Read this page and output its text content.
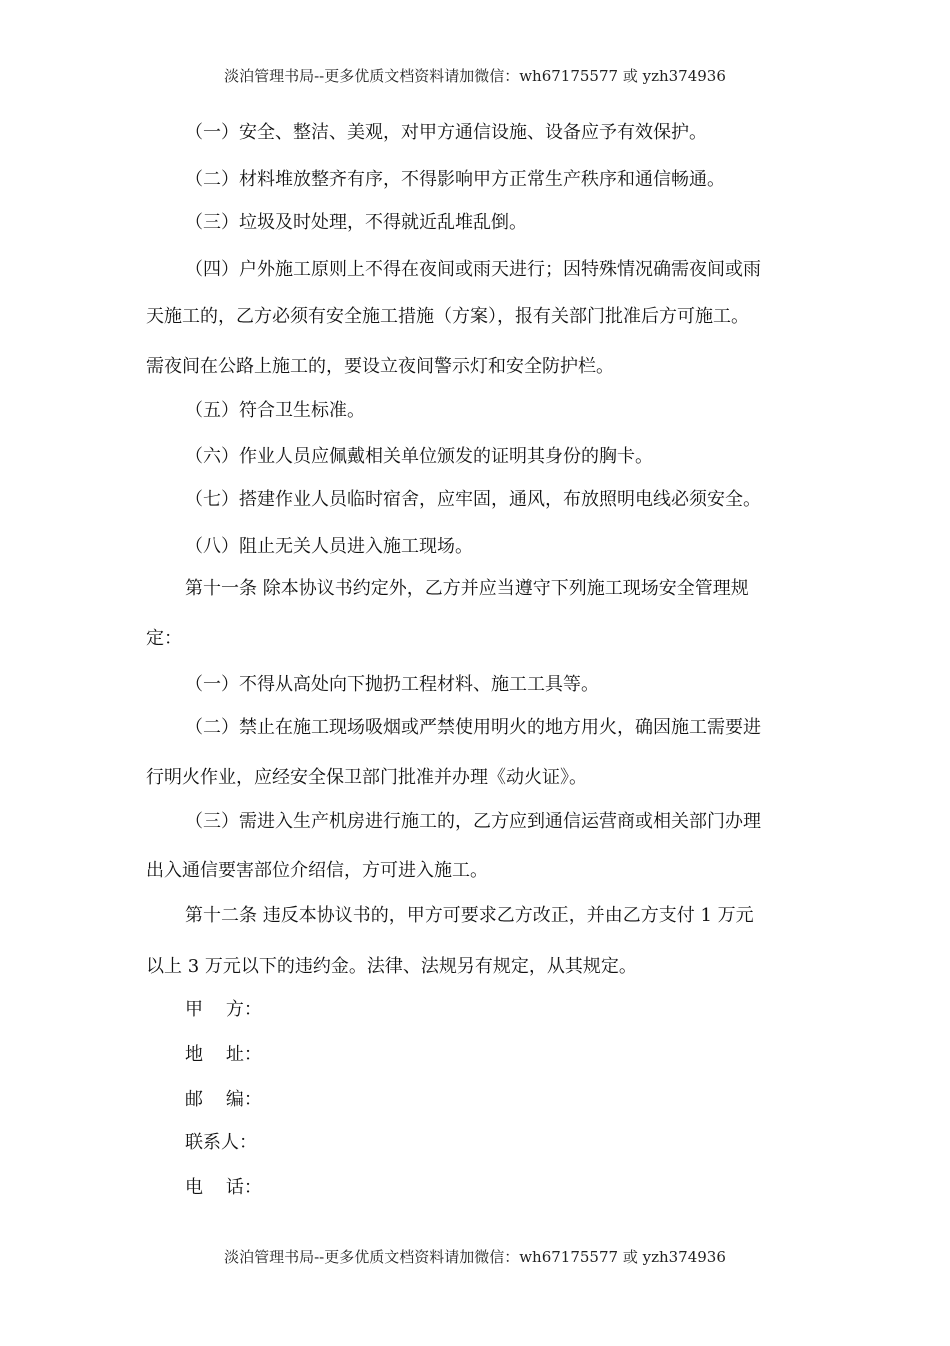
淡泊管理书局--更多优质文档资料请加微信：wh67175577 或 yzh374936
（一）安全、整洁、美观，对甲方通信设施、设备应予有效保护。
（二）材料堆放整齐有序，不得影响甲方正常生产秩序和通信畅通。
（三）垃圾及时处理，不得就近乱堆乱倒。
（四）户外施工原则上不得在夜间或雨天进行；因特殊情况确需夜间或雨
天施工的，乙方必须有安全施工措施（方案），报有关部门批准后方可施工。
需夜间在公路上施工的，要设立夜间警示灯和安全防护栏。
（五）符合卫生标准。
（六）作业人员应佩戴相关单位颁发的证明其身份的胸卡。
（七）搭建作业人员临时宿舍，应牢固，通风，布放照明电线必须安全。
（八）阻止无关人员进入施工现场。
第十一条 除本协议书约定外，乙方并应当遵守下列施工现场安全管理规
定：
（一）不得从高处向下抛扔工程材料、施工工具等。
（二）禁止在施工现场吸烟或严禁使用明火的地方用火，确因施工需要进
行明火作业，应经安全保卫部门批准并办理《动火证》。
（三）需进入生产机房进行施工的，乙方应到通信运营商或相关部门办理
出入通信要害部位介绍信，方可进入施工。
第十二条 违反本协议书的，甲方可要求乙方改正，并由乙方支付 1 万元
以上 3 万元以下的违约金。法律、法规另有规定，从其规定。
甲    方：
地    址：
邮    编：
联系人：
电    话：
淡泊管理书局--更多优质文档资料请加微信：wh67175577 或 yzh374936
